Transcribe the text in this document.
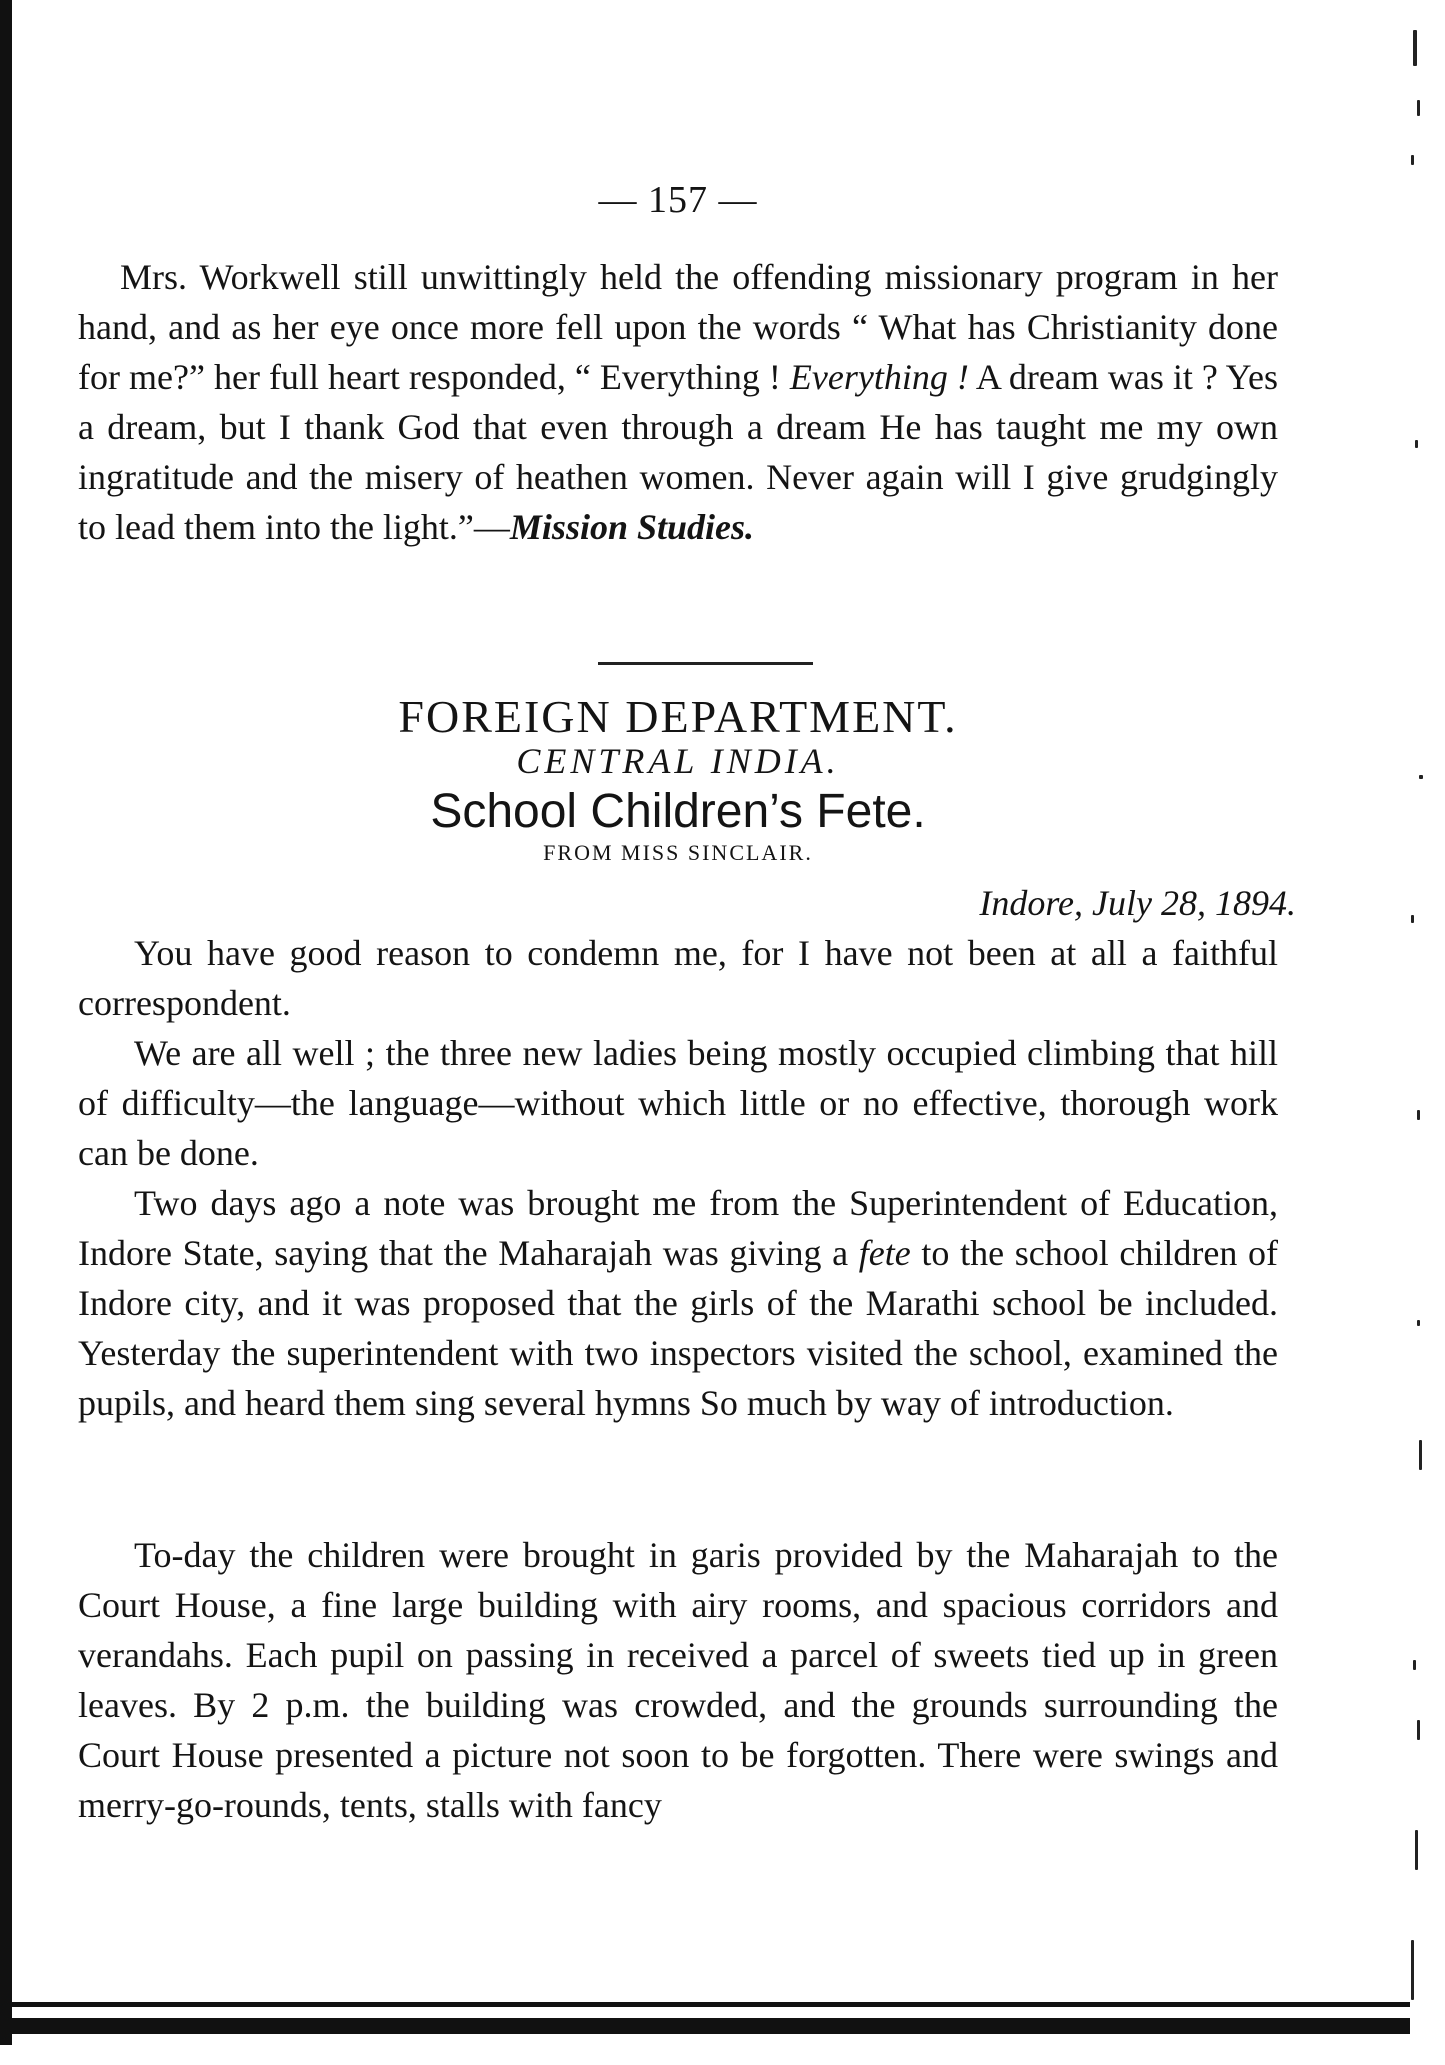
— 157 —
Mrs. Workwell still unwittingly held the offending missionary program in her hand, and as her eye once more fell upon the words “ What has Christianity done for me?” her full heart responded, “ Everything ! Everything ! A dream was it ? Yes a dream, but I thank God that even through a dream He has taught me my own ingratitude and the misery of heathen women. Never again will I give grudgingly to lead them into the light.”—Mission Studies.
FOREIGN DEPARTMENT.
CENTRAL INDIA.
School Children’s Fete.
FROM MISS SINCLAIR.
Indore, July 28, 1894.
You have good reason to condemn me, for I have not been at all a faithful correspondent.
We are all well ; the three new ladies being mostly occupied climbing that hill of difficulty—the language—without which little or no effective, thorough work can be done.
Two days ago a note was brought me from the Superintendent of Education, Indore State, saying that the Maharajah was giving a fete to the school children of Indore city, and it was proposed that the girls of the Marathi school be included. Yesterday the superintendent with two inspectors visited the school, examined the pupils, and heard them sing several hymns So much by way of introduction.
To-day the children were brought in garis provided by the Maharajah to the Court House, a fine large building with airy rooms, and spacious corridors and verandahs. Each pupil on passing in received a parcel of sweets tied up in green leaves. By 2 p.m. the building was crowded, and the grounds surrounding the Court House presented a picture not soon to be forgotten. There were swings and merry-go-rounds, tents, stalls with fancy
